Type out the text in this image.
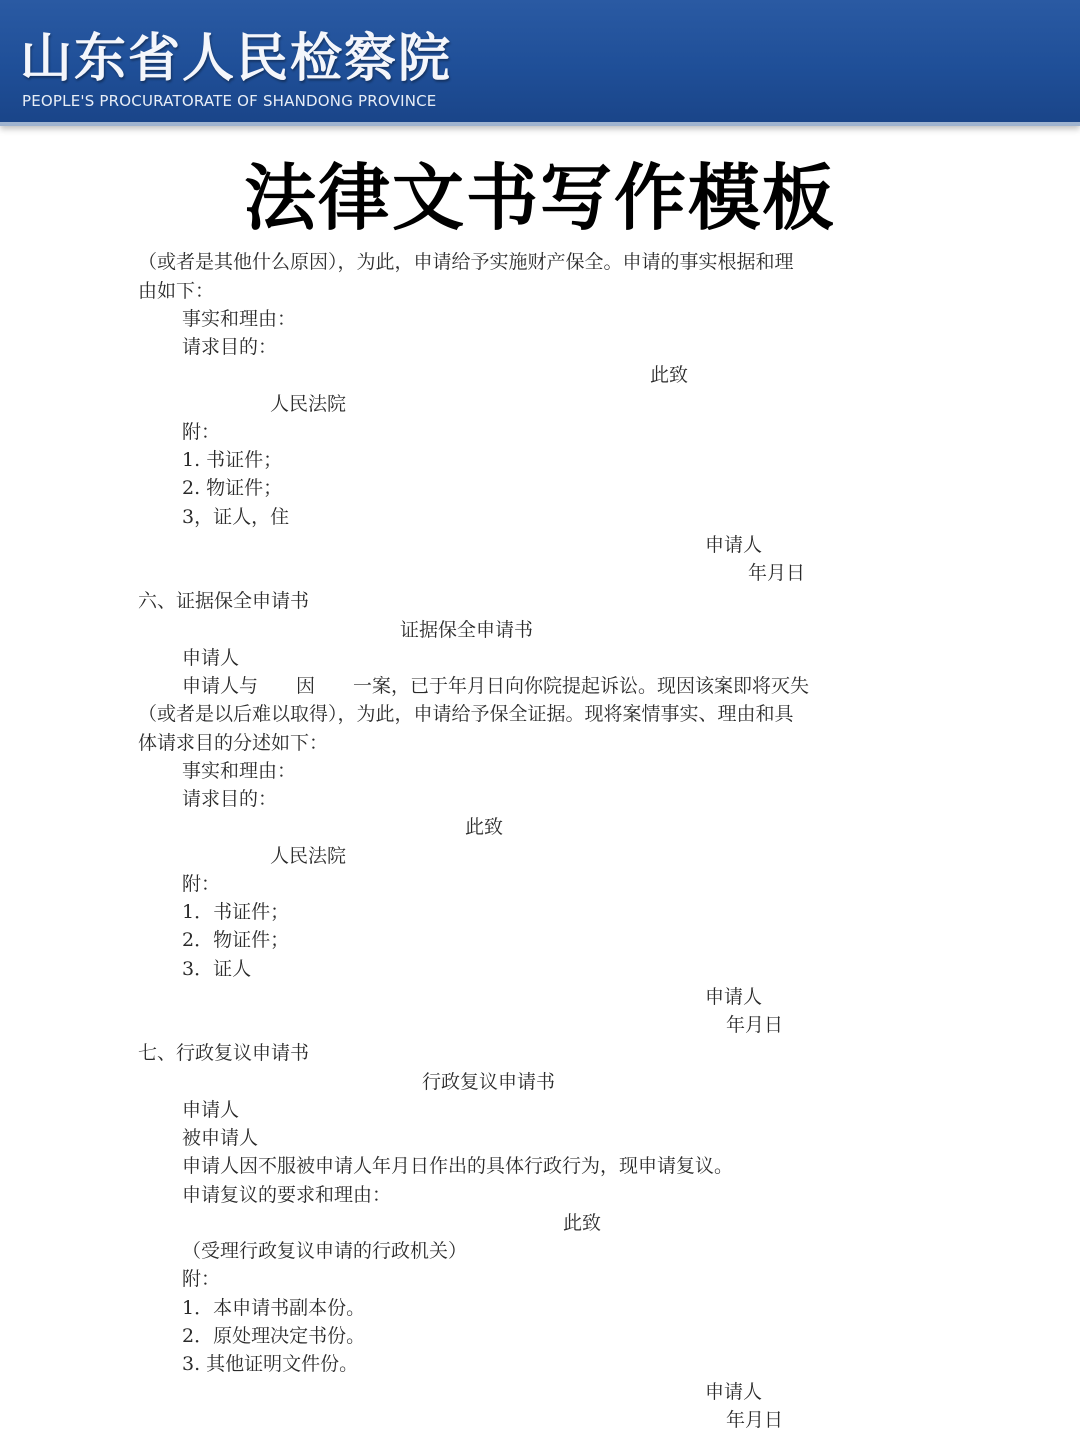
山东省人民检察院
PEOPLE'S PROCURATORATE OF SHANDONG PROVINCE
法律文书写作模板
（或者是其他什么原因），为此，申请给予实施财产保全。申请的事实根据和理
由如下：
事实和理由：
请求目的：
此致
人民法院
附：
1. 书证件；
2. 物证件；
3，证人，住
申请人
年月日
六、证据保全申请书
证据保全申请书
申请人
申请人与　　因　　一案，已于年月日向你院提起诉讼。现因该案即将灭失
（或者是以后难以取得），为此，申请给予保全证据。现将案情事实、理由和具
体请求目的分述如下：
事实和理由：
请求目的：
此致
人民法院
附：
1．书证件；
2．物证件；
3．证人
申请人
年月日
七、行政复议申请书
行政复议申请书
申请人
被申请人
申请人因不服被申请人年月日作出的具体行政行为，现申请复议。
申请复议的要求和理由：
此致
（受理行政复议申请的行政机关）
附：
1．本申请书副本份。
2．原处理决定书份。
3. 其他证明文件份。
申请人
年月日
